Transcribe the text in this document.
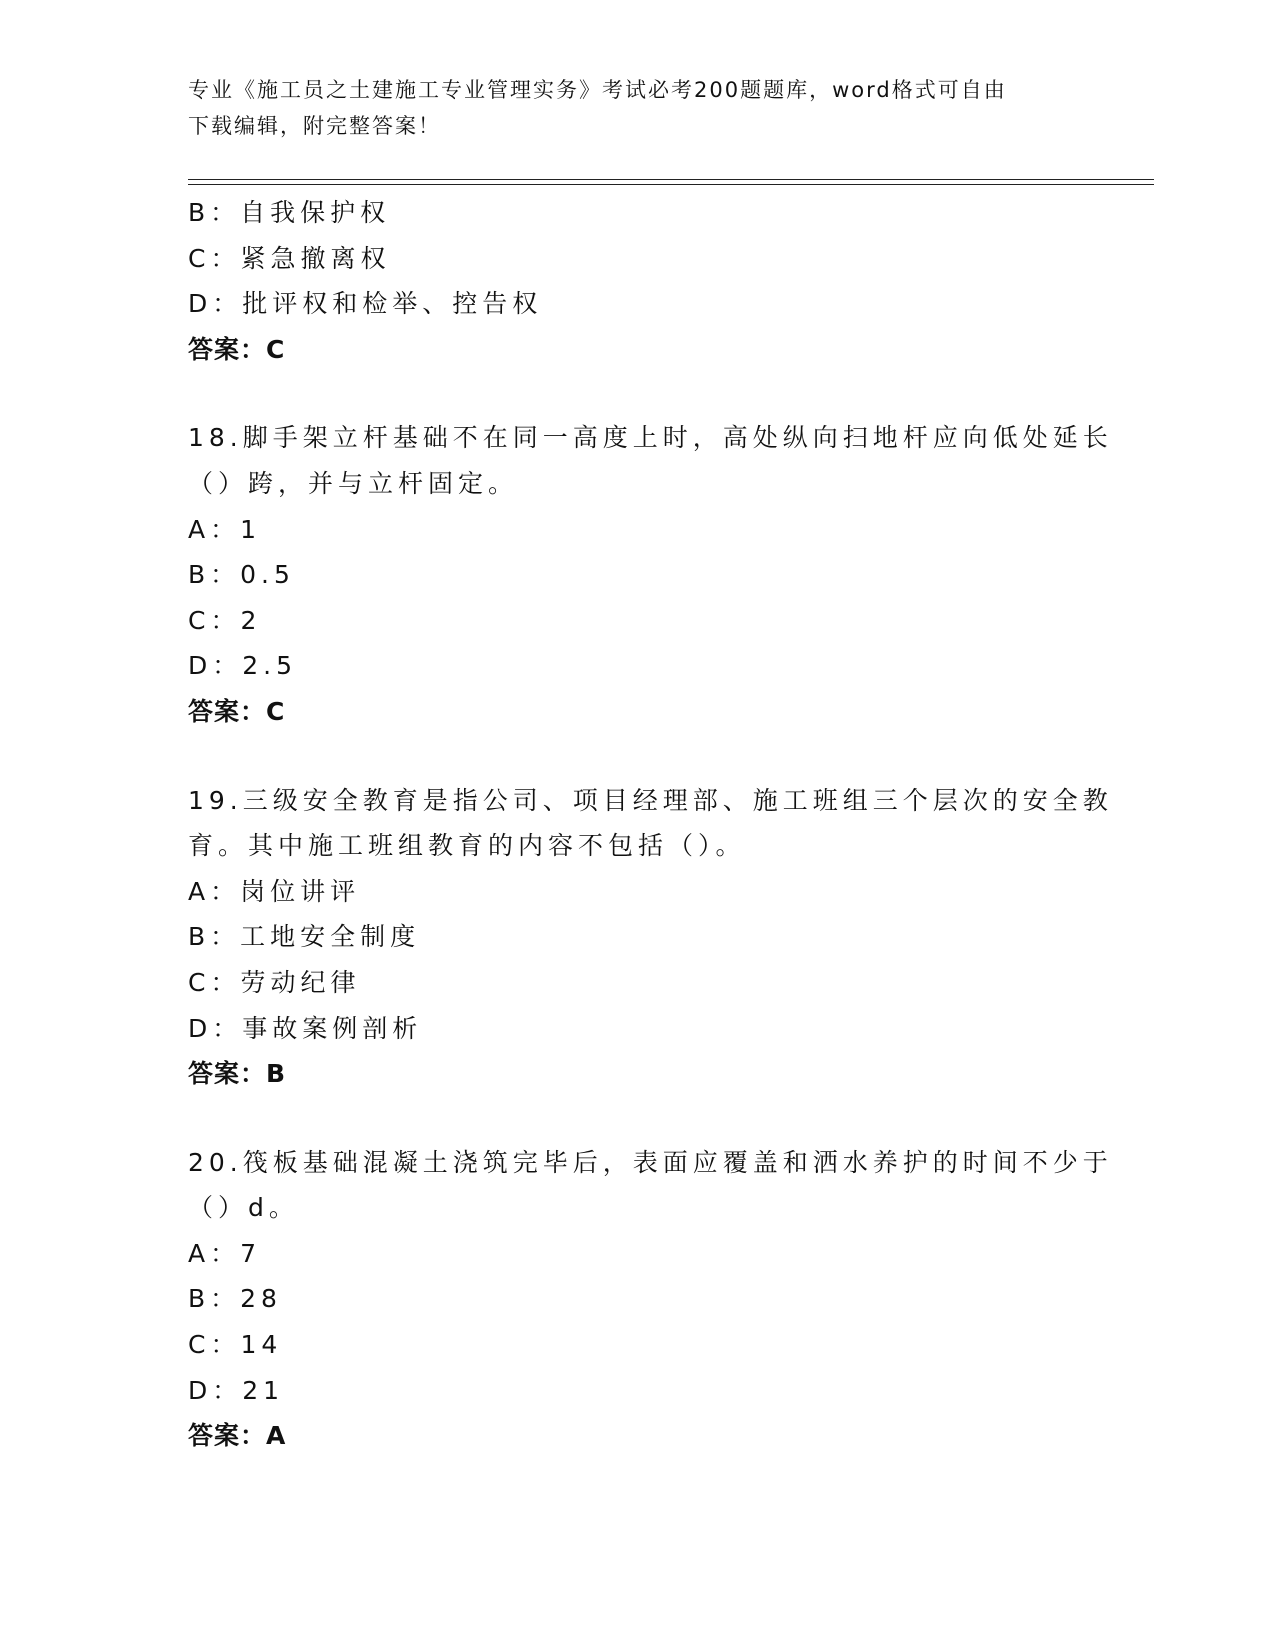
专业《施工员之土建施工专业管理实务》考试必考200题题库，word格式可自由
下载编辑，附完整答案！
B：自我保护权
C：紧急撤离权
D：批评权和检举、控告权
答案：C
18.脚手架立杆基础不在同一高度上时，高处纵向扫地杆应向低处延长
（）跨，并与立杆固定。
A：1
B：0.5
C：2
D：2.5
答案：C
19.三级安全教育是指公司、项目经理部、施工班组三个层次的安全教
育。其中施工班组教育的内容不包括（）。
A：岗位讲评
B：工地安全制度
C：劳动纪律
D：事故案例剖析
答案：B
20.筏板基础混凝土浇筑完毕后，表面应覆盖和洒水养护的时间不少于
（）d。
A：7
B：28
C：14
D：21
答案：A
